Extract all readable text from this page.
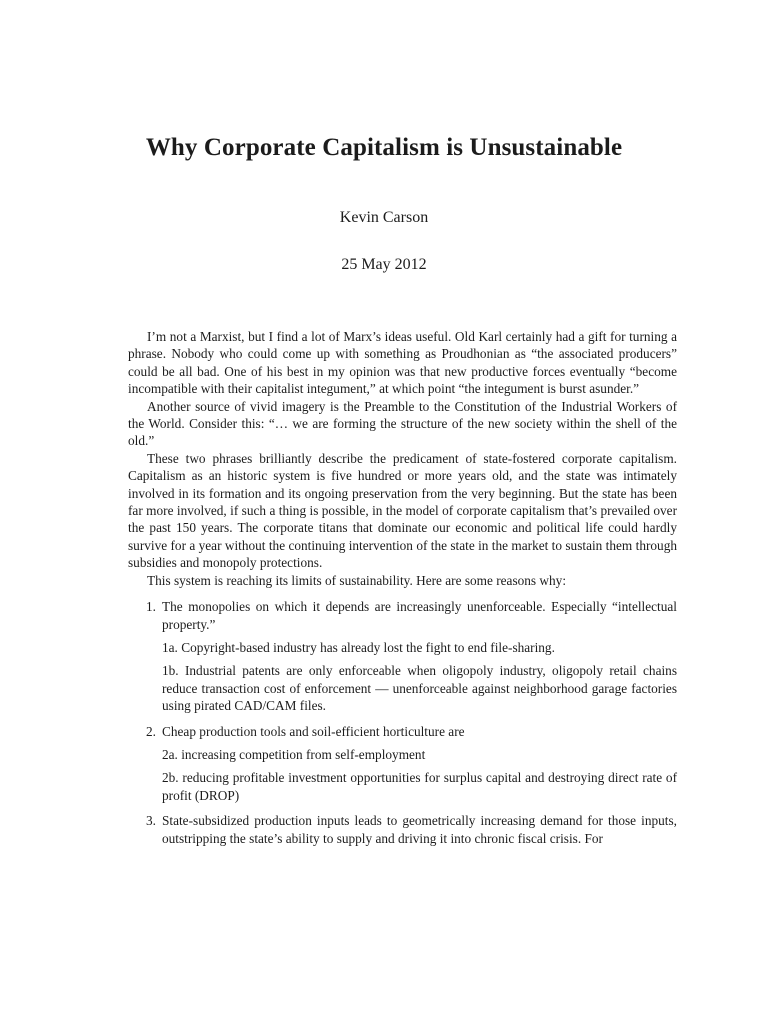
Why Corporate Capitalism is Unsustainable

Kevin Carson

25 May 2012

I’m not a Marxist, but I find a lot of Marx’s ideas useful. Old Karl certainly had a gift for turning a phrase. Nobody who could come up with something as Proudhonian as “the associated producers” could be all bad. One of his best in my opinion was that new productive forces eventually “become incompatible with their capitalist integument,” at which point “the integument is burst asunder.”

Another source of vivid imagery is the Preamble to the Constitution of the Industrial Workers of the World. Consider this: “… we are forming the structure of the new society within the shell of the old.”

These two phrases brilliantly describe the predicament of state-fostered corporate capitalism. Capitalism as an historic system is five hundred or more years old, and the state was intimately involved in its formation and its ongoing preservation from the very beginning. But the state has been far more involved, if such a thing is possible, in the model of corporate capitalism that’s prevailed over the past 150 years. The corporate titans that dominate our economic and political life could hardly survive for a year without the continuing intervention of the state in the market to sustain them through subsidies and monopoly protections.

This system is reaching its limits of sustainability. Here are some reasons why:

1. The monopolies on which it depends are increasingly unenforceable. Especially “intellectual property.”
1a. Copyright-based industry has already lost the fight to end file-sharing.
1b. Industrial patents are only enforceable when oligopoly industry, oligopoly retail chains reduce transaction cost of enforcement — unenforceable against neighborhood garage factories using pirated CAD/CAM files.
2. Cheap production tools and soil-efficient horticulture are
2a. increasing competition from self-employment
2b. reducing profitable investment opportunities for surplus capital and destroying direct rate of profit (DROP)
3. State-subsidized production inputs leads to geometrically increasing demand for those inputs, outstripping the state’s ability to supply and driving it into chronic fiscal crisis. For
